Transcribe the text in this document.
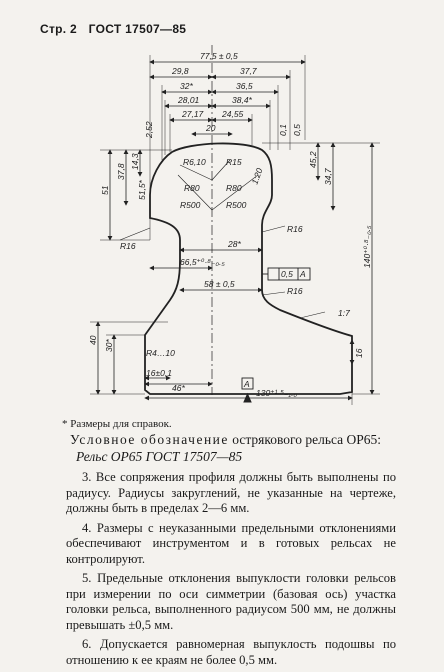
Стр. 2 ГОСТ 17507—85
77,5 ± 0,5
29,8	37,7
32*	36,5
28,01	38,4*
27,17 24,55
20
2,52	0,1 0,5
37,8
14,3
51,5*
51
45,2
34,7
140⁺⁰·⁸₋₀.₅
R6,10 R15
R80	R80
R500	R500
1:20
R16
R16
R16
28*
66,5⁺⁰·⁸₋₀.₅
58 ± 0,5
0,5 A
1:7
40 30*
R4…10
16±0,1
16
46*	A
130⁺¹·⁵₋₁.₀
* Размеры для справок.
Условное обозначение острякового рельса ОР65:
Рельс ОР65 ГОСТ 17507—85

3. Все сопряжения профиля должны быть выполнены по радиусу. Радиусы закруглений, не указанные на чертеже, должны быть в пределах 2—6 мм.

4. Размеры с неуказанными предельными отклонениями обеспечивают инструментом и в готовых рельсах не контролируют.

5. Предельные отклонения выпуклости головки рельсов при измерении по оси симметрии (базовая ось) участка головки рельса, выполненного радиусом 500 мм, не должны превышать ±0,5 мм.

6. Допускается равномерная выпуклость подошвы по отношению к ее краям не более 0,5 мм.
